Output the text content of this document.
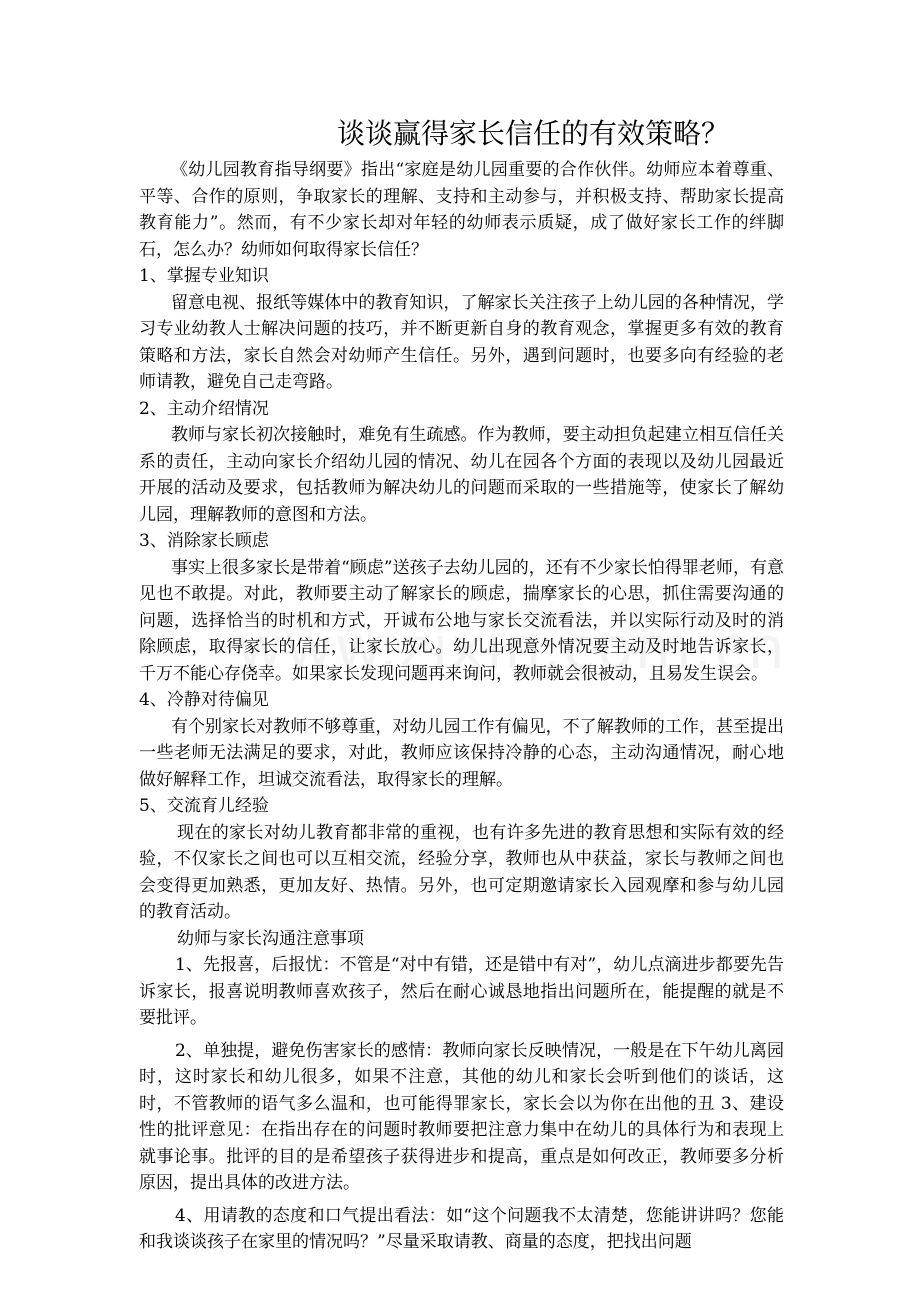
谈谈赢得家长信任的有效策略？

《幼儿园教育指导纲要》指出“家庭是幼儿园重要的合作伙伴。幼师应本着尊重、平等、合作的原则，争取家长的理解、支持和主动参与，并积极支持、帮助家长提高教育能力”。然而，有不少家长却对年轻的幼师表示质疑，成了做好家长工作的绊脚石，怎么办？幼师如何取得家长信任？

1、掌握专业知识

留意电视、报纸等媒体中的教育知识，了解家长关注孩子上幼儿园的各种情况，学习专业幼教人士解决问题的技巧，并不断更新自身的教育观念，掌握更多有效的教育策略和方法，家长自然会对幼师产生信任。另外，遇到问题时，也要多向有经验的老师请教，避免自己走弯路。

2、主动介绍情况

教师与家长初次接触时，难免有生疏感。作为教师，要主动担负起建立相互信任关系的责任，主动向家长介绍幼儿园的情况、幼儿在园各个方面的表现以及幼儿园最近开展的活动及要求，包括教师为解决幼儿的问题而采取的一些措施等，使家长了解幼儿园，理解教师的意图和方法。

3、消除家长顾虑

事实上很多家长是带着“顾虑”送孩子去幼儿园的，还有不少家长怕得罪老师，有意见也不敢提。对此，教师要主动了解家长的顾虑，揣摩家长的心思，抓住需要沟通的问题，选择恰当的时机和方式，开诚布公地与家长交流看法，并以实际行动及时的消除顾虑，取得家长的信任，让家长放心。幼儿出现意外情况要主动及时地告诉家长，千万不能心存侥幸。如果家长发现问题再来询问，教师就会很被动，且易发生误会。

4、冷静对待偏见

有个别家长对教师不够尊重，对幼儿园工作有偏见，不了解教师的工作，甚至提出一些老师无法满足的要求，对此，教师应该保持冷静的心态，主动沟通情况，耐心地做好解释工作，坦诚交流看法，取得家长的理解。

5、交流育儿经验

现在的家长对幼儿教育都非常的重视，也有许多先进的教育思想和实际有效的经验，不仅家长之间也可以互相交流，经验分享，教师也从中获益，家长与教师之间也会变得更加熟悉，更加友好、热情。另外，也可定期邀请家长入园观摩和参与幼儿园的教育活动。

幼师与家长沟通注意事项

1、先报喜，后报忧：不管是“对中有错，还是错中有对”，幼儿点滴进步都要先告诉家长，报喜说明教师喜欢孩子，然后在耐心诚恳地指出问题所在，能提醒的就是不要批评。

2、单独提，避免伤害家长的感情：教师向家长反映情况，一般是在下午幼儿离园时，这时家长和幼儿很多，如果不注意，其他的幼儿和家长会听到他们的谈话，这时，不管教师的语气多么温和，也可能得罪家长，家长会以为你在出他的丑 3、建设性的批评意见：在指出存在的问题时教师要把注意力集中在幼儿的具体行为和表现上就事论事。批评的目的是希望孩子获得进步和提高，重点是如何改正，教师要多分析原因，提出具体的改进方法。

4、用请教的态度和口气提出看法：如“这个问题我不太清楚，您能讲讲吗？您能和我谈谈孩子在家里的情况吗？”尽量采取请教、商量的态度，把找出问题
